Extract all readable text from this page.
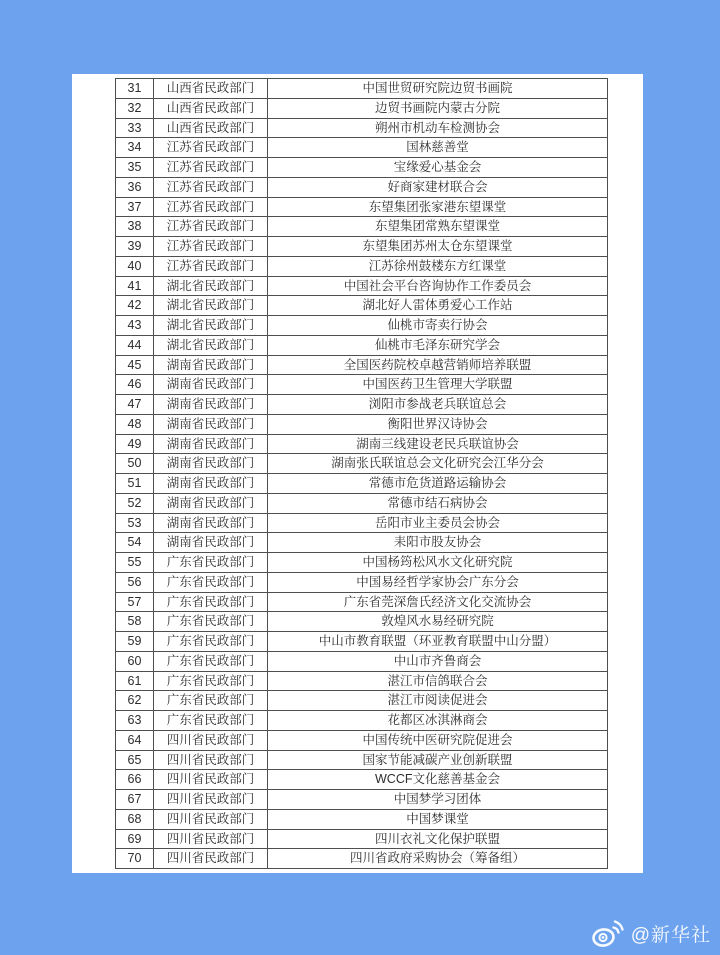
31	山西省民政部门	中国世贸研究院边贸书画院
32	山西省民政部门	边贸书画院内蒙古分院
33	山西省民政部门	朔州市机动车检测协会
34	江苏省民政部门	国林慈善堂
35	江苏省民政部门	宝缘爱心基金会
36	江苏省民政部门	好商家建材联合会
37	江苏省民政部门	东望集团张家港东望课堂
38	江苏省民政部门	东望集团常熟东望课堂
39	江苏省民政部门	东望集团苏州太仓东望课堂
40	江苏省民政部门	江苏徐州鼓楼东方红课堂
41	湖北省民政部门	中国社会平台咨询协作工作委员会
42	湖北省民政部门	湖北好人雷体勇爱心工作站
43	湖北省民政部门	仙桃市寄卖行协会
44	湖北省民政部门	仙桃市毛泽东研究学会
45	湖南省民政部门	全国医药院校卓越营销师培养联盟
46	湖南省民政部门	中国医药卫生管理大学联盟
47	湖南省民政部门	浏阳市参战老兵联谊总会
48	湖南省民政部门	衡阳世界汉诗协会
49	湖南省民政部门	湖南三线建设老民兵联谊协会
50	湖南省民政部门	湖南张氏联谊总会文化研究会江华分会
51	湖南省民政部门	常德市危货道路运输协会
52	湖南省民政部门	常德市结石病协会
53	湖南省民政部门	岳阳市业主委员会协会
54	湖南省民政部门	耒阳市股友协会
55	广东省民政部门	中国杨筠松风水文化研究院
56	广东省民政部门	中国易经哲学家协会广东分会
57	广东省民政部门	广东省莞深詹氏经济文化交流协会
58	广东省民政部门	敦煌风水易经研究院
59	广东省民政部门	中山市教育联盟（环亚教育联盟中山分盟）
60	广东省民政部门	中山市齐鲁商会
61	广东省民政部门	湛江市信鸽联合会
62	广东省民政部门	湛江市阅读促进会
63	广东省民政部门	花都区冰淇淋商会
64	四川省民政部门	中国传统中医研究院促进会
65	四川省民政部门	国家节能减碳产业创新联盟
66	四川省民政部门	WCCF文化慈善基金会
67	四川省民政部门	中国梦学习团体
68	四川省民政部门	中国梦课堂
69	四川省民政部门	四川衣礼文化保护联盟
70	四川省民政部门	四川省政府采购协会（筹备组）
@新华社
